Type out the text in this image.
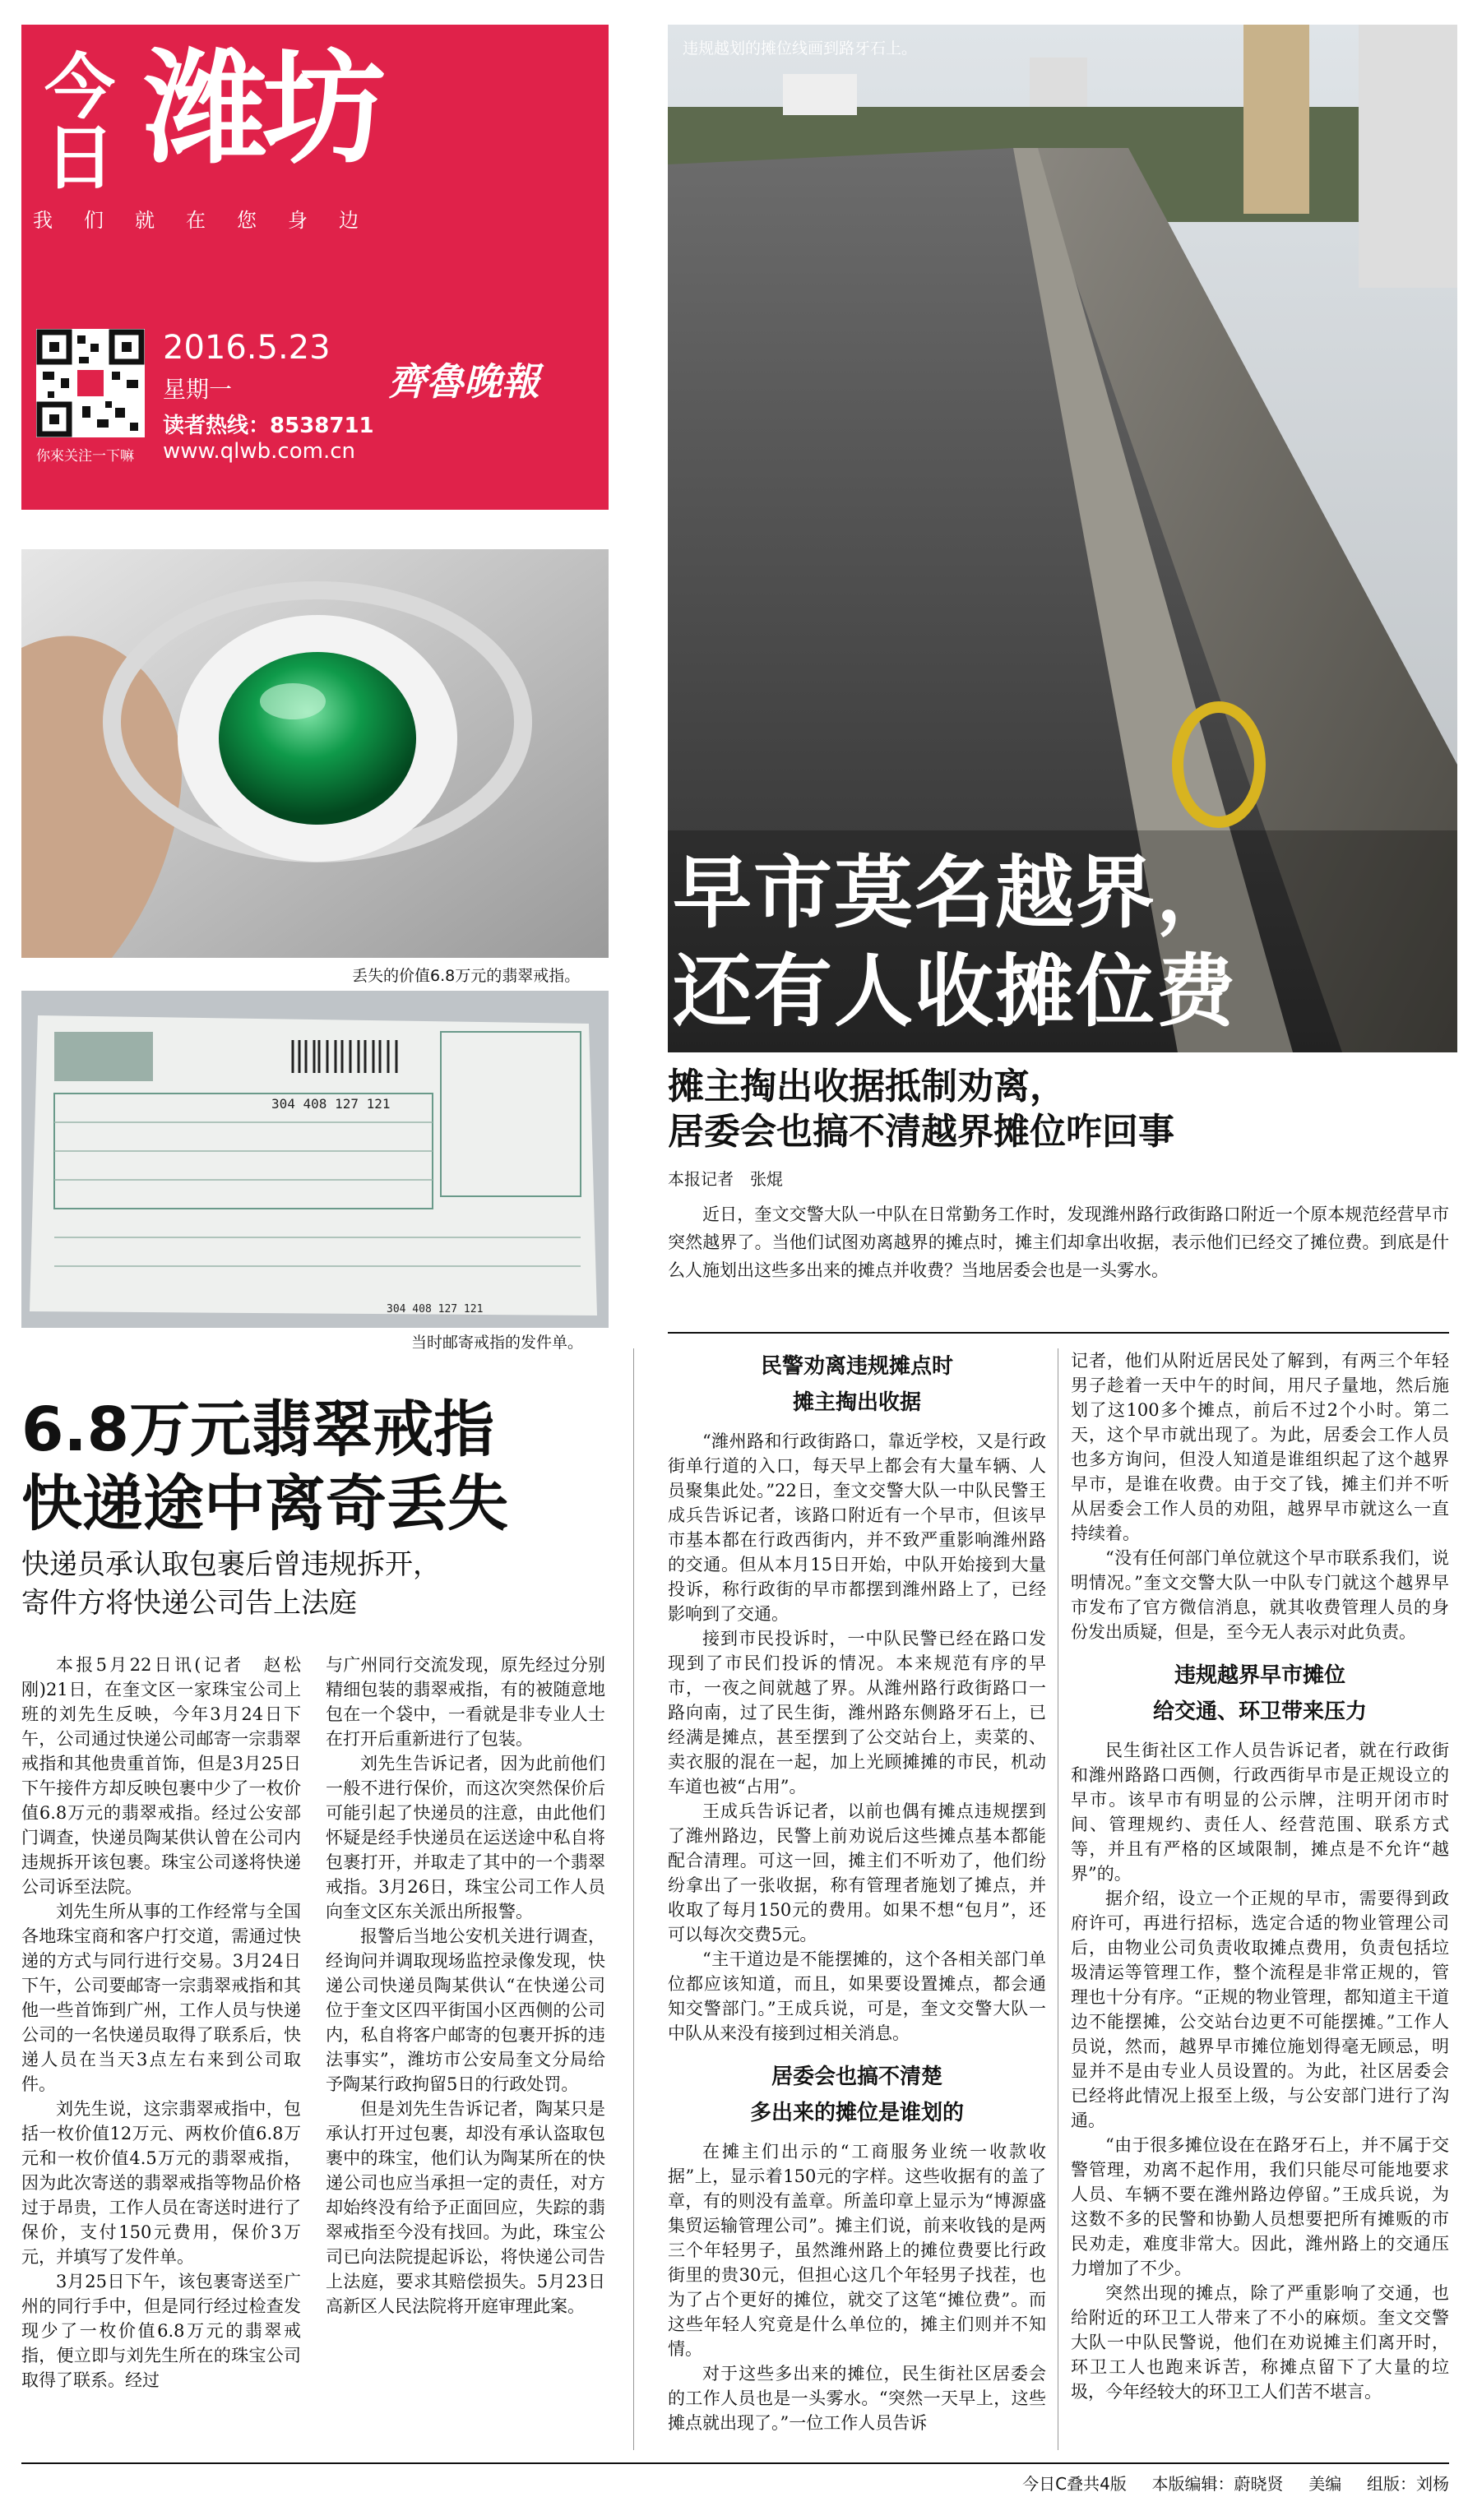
今日 潍坊
我们就在您身边
你來关注一下嘛
2016.5.23
星期一
读者热线：8538711
www.qlwb.com.cn
齊魯晚報
丢失的价值6.8万元的翡翠戒指。
304 408 127 121
304 408 127 121
当时邮寄戒指的发件单。
违规越划的摊位线画到路牙石上。
早市莫名越界，
还有人收摊位费
摊主掏出收据抵制劝离，
居委会也搞不清越界摊位咋回事
本报记者　张焜
近日，奎文交警大队一中队在日常勤务工作时，发现潍州路行政街路口附近一个原本规范经营早市突然越界了。当他们试图劝离越界的摊点时，摊主们却拿出收据，表示他们已经交了摊位费。到底是什么人施划出这些多出来的摊点并收费？当地居委会也是一头雾水。
民警劝离违规摊点时
摊主掏出收据

“潍州路和行政街路口，靠近学校，又是行政街单行道的入口，每天早上都会有大量车辆、人员聚集此处。”22日，奎文交警大队一中队民警王成兵告诉记者，该路口附近有一个早市，但该早市基本都在行政西街内，并不致严重影响潍州路的交通。但从本月15日开始，中队开始接到大量投诉，称行政街的早市都摆到潍州路上了，已经影响到了交通。

接到市民投诉时，一中队民警已经在路口发现到了市民们投诉的情况。本来规范有序的早市，一夜之间就越了界。从潍州路行政街路口一路向南，过了民生街，潍州路东侧路牙石上，已经满是摊点，甚至摆到了公交站台上，卖菜的、卖衣服的混在一起，加上光顾摊摊的市民，机动车道也被“占用”。

王成兵告诉记者，以前也偶有摊点违规摆到了潍州路边，民警上前劝说后这些摊点基本都能配合清理。可这一回，摊主们不听劝了，他们纷纷拿出了一张收据，称有管理者施划了摊点，并收取了每月150元的费用。如果不想“包月”，还可以每次交费5元。

“主干道边是不能摆摊的，这个各相关部门单位都应该知道，而且，如果要设置摊点，都会通知交警部门。”王成兵说，可是，奎文交警大队一中队从来没有接到过相关消息。

居委会也搞不清楚
多出来的摊位是谁划的

在摊主们出示的“工商服务业统一收款收据”上，显示着150元的字样。这些收据有的盖了章，有的则没有盖章。所盖印章上显示为“博源盛集贸运输管理公司”。摊主们说，前来收钱的是两三个年轻男子，虽然潍州路上的摊位费要比行政街里的贵30元，但担心这几个年轻男子找茬，也为了占个更好的摊位，就交了这笔“摊位费”。而这些年轻人究竟是什么单位的，摊主们则并不知情。

对于这些多出来的摊位，民生街社区居委会的工作人员也是一头雾水。“突然一天早上，这些摊点就出现了。”一位工作人员告诉

记者，他们从附近居民处了解到，有两三个年轻男子趁着一天中午的时间，用尺子量地，然后施划了这100多个摊点，前后不过2个小时。第二天，这个早市就出现了。为此，居委会工作人员也多方询问，但没人知道是谁组织起了这个越界早市，是谁在收费。由于交了钱，摊主们并不听从居委会工作人员的劝阻，越界早市就这么一直持续着。

“没有任何部门单位就这个早市联系我们，说明情况。”奎文交警大队一中队专门就这个越界早市发布了官方微信消息，就其收费管理人员的身份发出质疑，但是，至今无人表示对此负责。

违规越界早市摊位
给交通、环卫带来压力

民生街社区工作人员告诉记者，就在行政街和潍州路路口西侧，行政西街早市是正规设立的早市。该早市有明显的公示牌，注明开闭市时间、管理规约、责任人、经营范围、联系方式等，并且有严格的区域限制，摊点是不允许“越界”的。

据介绍，设立一个正规的早市，需要得到政府许可，再进行招标，选定合适的物业管理公司后，由物业公司负责收取摊点费用，负责包括垃圾清运等管理工作，整个流程是非常正规的，管理也十分有序。“正规的物业管理，都知道主干道边不能摆摊，公交站台边更不可能摆摊。”工作人员说，然而，越界早市摊位施划得毫无顾忌，明显并不是由专业人员设置的。为此，社区居委会已经将此情况上报至上级，与公安部门进行了沟通。

“由于很多摊位设在在路牙石上，并不属于交警管理，劝离不起作用，我们只能尽可能地要求人员、车辆不要在潍州路边停留。”王成兵说，为这数不多的民警和协勤人员想要把所有摊贩的市民劝走，难度非常大。因此，潍州路上的交通压力增加了不少。

突然出现的摊点，除了严重影响了交通，也给附近的环卫工人带来了不小的麻烦。奎文交警大队一中队民警说，他们在劝说摊主们离开时，环卫工人也跑来诉苦，称摊点留下了大量的垃圾，今年经较大的环卫工人们苦不堪言。

6.8万元翡翠戒指
快递途中离奇丢失
快递员承认取包裹后曾违规拆开，
寄件方将快递公司告上法庭

本报5月22日讯(记者　赵松刚)21日，在奎文区一家珠宝公司上班的刘先生反映，今年3月24日下午，公司通过快递公司邮寄一宗翡翠戒指和其他贵重首饰，但是3月25日下午接件方却反映包裹中少了一枚价值6.8万元的翡翠戒指。经过公安部门调查，快递员陶某供认曾在公司内违规拆开该包裹。珠宝公司遂将快递公司诉至法院。

刘先生所从事的工作经常与全国各地珠宝商和客户打交道，需通过快递的方式与同行进行交易。3月24日下午，公司要邮寄一宗翡翠戒指和其他一些首饰到广州，工作人员与快递公司的一名快递员取得了联系后，快递人员在当天3点左右来到公司取件。

刘先生说，这宗翡翠戒指中，包括一枚价值12万元、两枚价值6.8万元和一枚价值4.5万元的翡翠戒指，因为此次寄送的翡翠戒指等物品价格过于昂贵，工作人员在寄送时进行了保价，支付150元费用，保价3万元，并填写了发件单。

3月25日下午，该包裹寄送至广州的同行手中，但是同行经过检查发现少了一枚价值6.8万元的翡翠戒指，便立即与刘先生所在的珠宝公司取得了联系。经过

与广州同行交流发现，原先经过分别精细包装的翡翠戒指，有的被随意地包在一个袋中，一看就是非专业人士在打开后重新进行了包装。

刘先生告诉记者，因为此前他们一般不进行保价，而这次突然保价后可能引起了快递员的注意，由此他们怀疑是经手快递员在运送途中私自将包裹打开，并取走了其中的一个翡翠戒指。3月26日，珠宝公司工作人员向奎文区东关派出所报警。

报警后当地公安机关进行调查，经询问并调取现场监控录像发现，快递公司快递员陶某供认“在快递公司位于奎文区四平街国小区西侧的公司内，私自将客户邮寄的包裹开拆的违法事实”，潍坊市公安局奎文分局给予陶某行政拘留5日的行政处罚。

但是刘先生告诉记者，陶某只是承认打开过包裹，却没有承认盗取包裹中的珠宝，他们认为陶某所在的快递公司也应当承担一定的责任，对方却始终没有给予正面回应，失踪的翡翠戒指至今没有找回。为此，珠宝公司已向法院提起诉讼，将快递公司告上法庭，要求其赔偿损失。5月23日高新区人民法院将开庭审理此案。

今日C叠共4版 本版编辑：蔚晓贤 美编 组版：刘杨
